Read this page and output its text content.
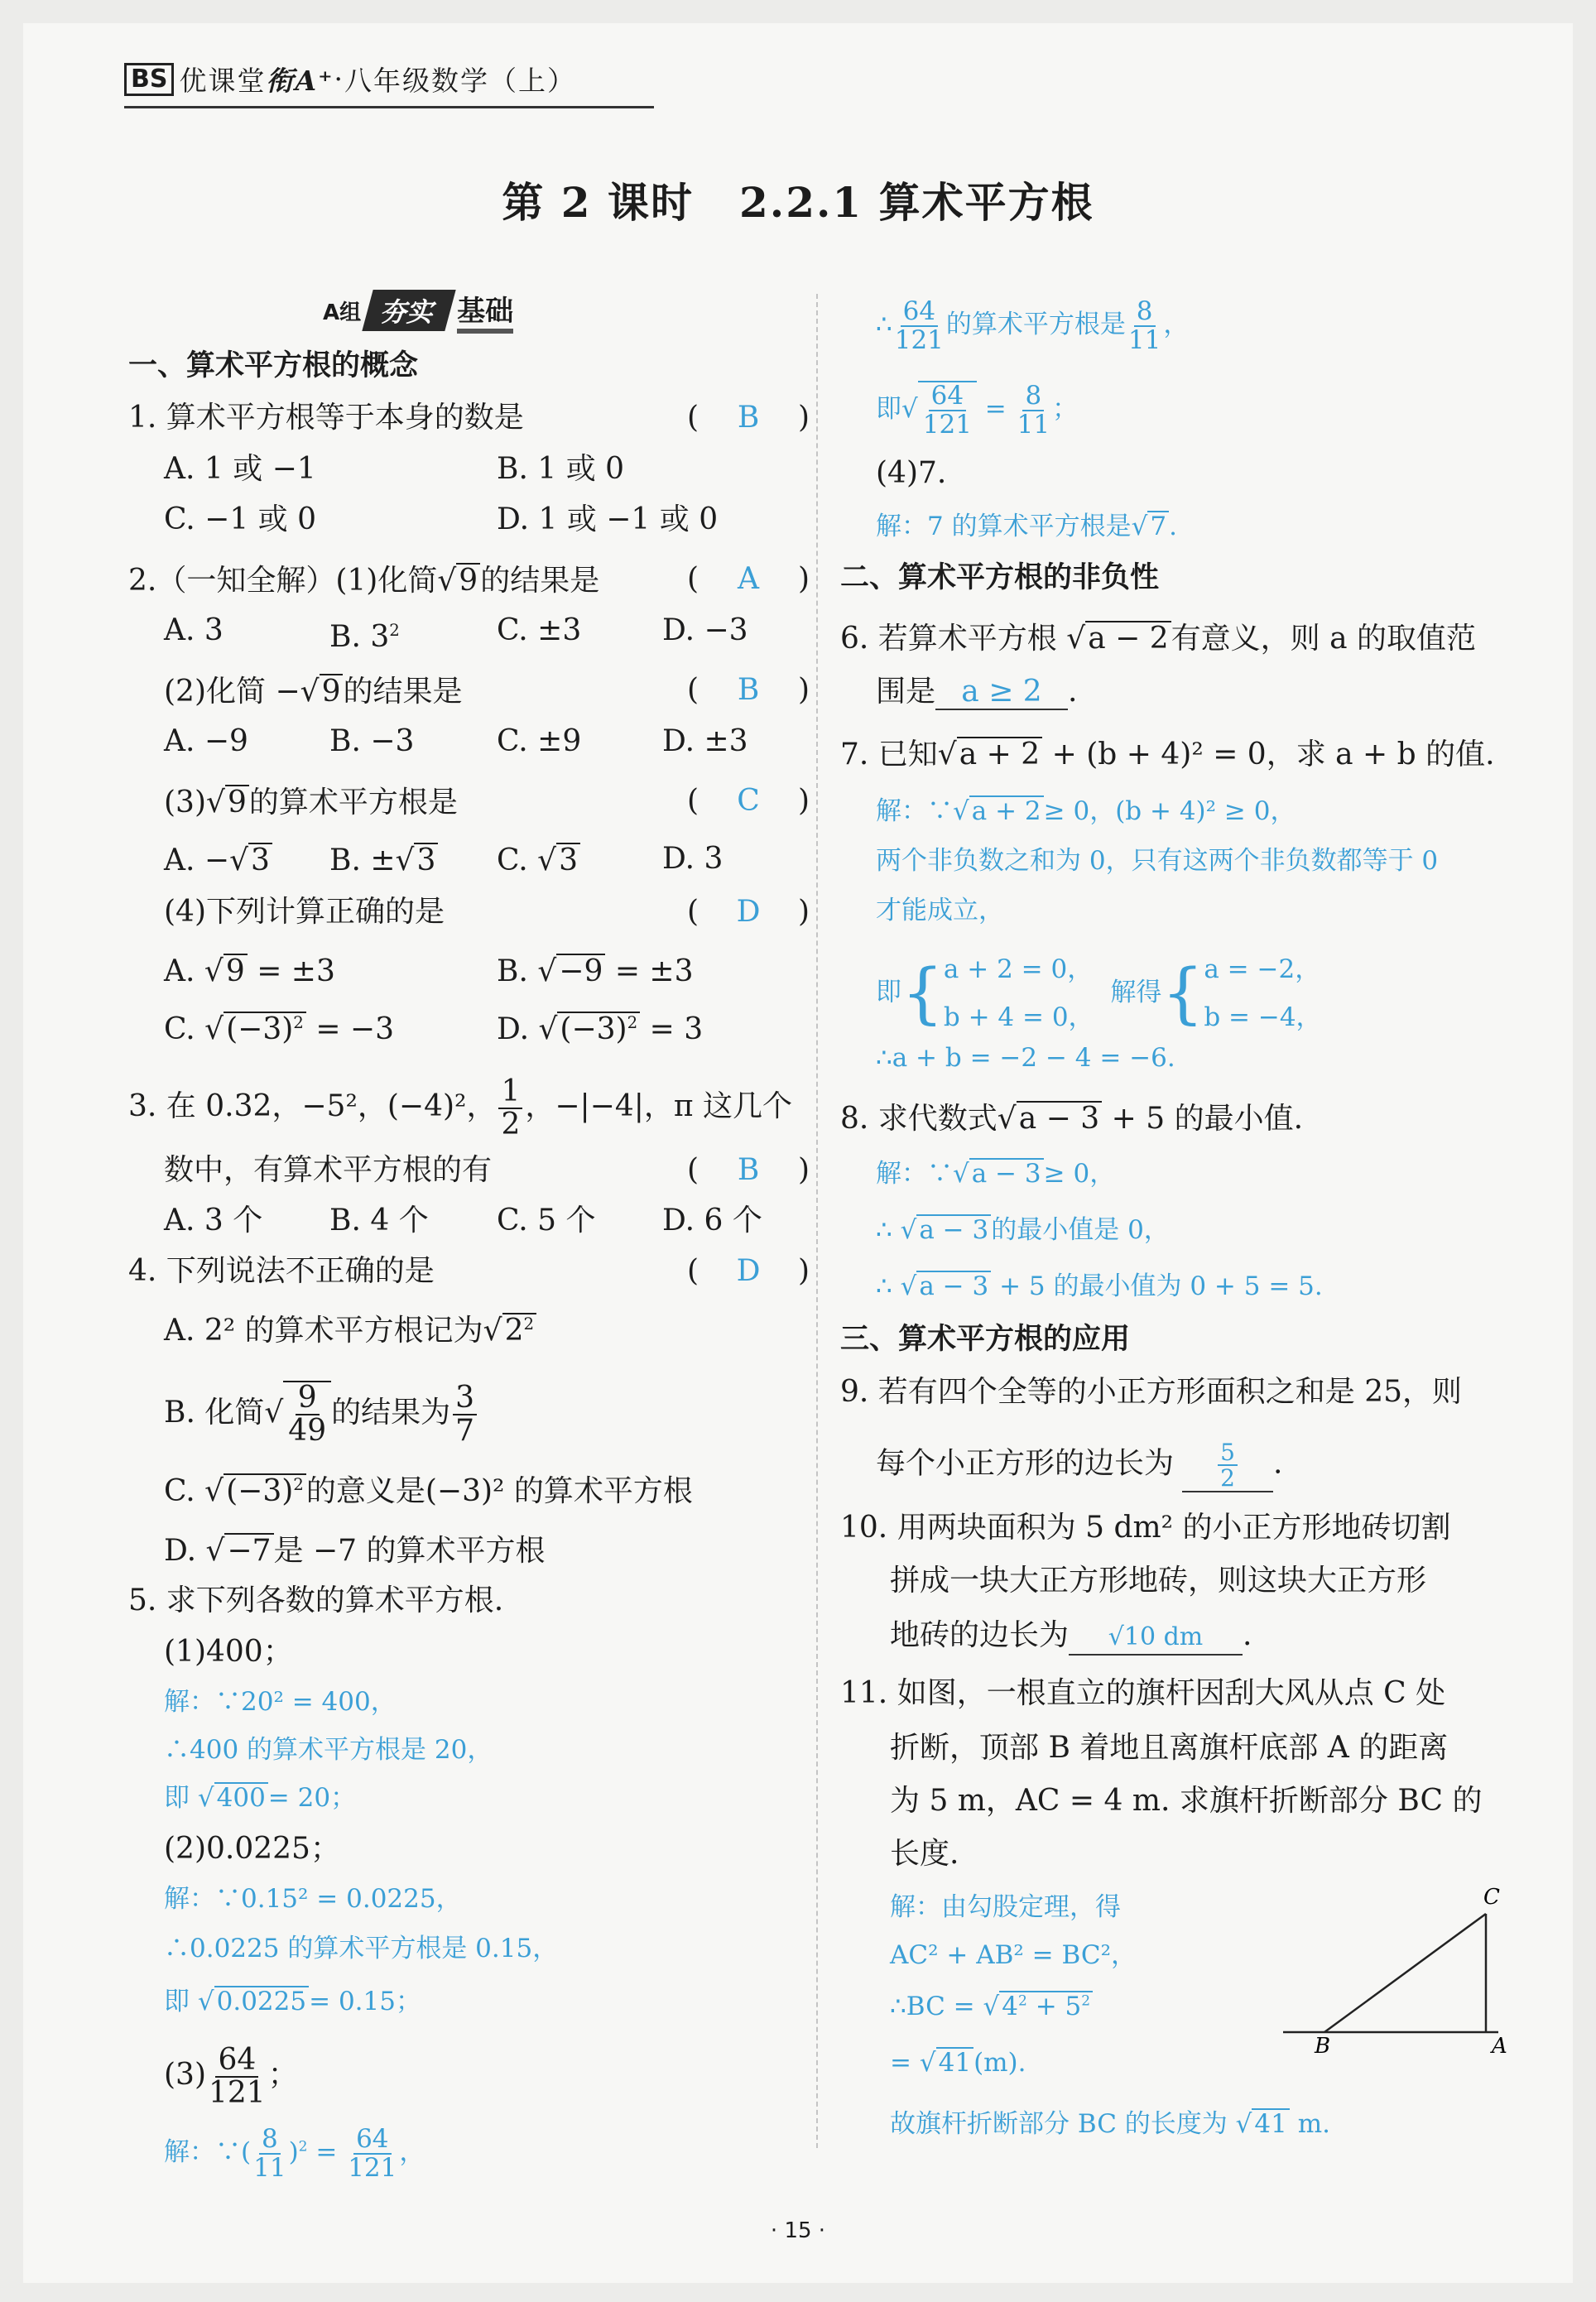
BS 优课堂 衔A⁺ · 八年级数学（上）
第 2 课时 2.2.1 算术平方根
A组 夯实 基础
一、算术平方根的概念
1. 算术平方根等于本身的数是	( B )
A. 1 或 −1	B. 1 或 0
C. −1 或 0	D. 1 或 −1 或 0
2.（一知全解）(1)化简 √ 9的结果是	( A )
A. 3	B. $3^2$	C. ±3	D. −3
(2)化简 − √ 9的结果是	( B )
A. −9	B. −3	C. ±9	D. ±3
(3) √ 9的算术平方根是	( C )
A. − √ 3 B. ± √ 3 C. √ 3	D. 3
(4)下列计算正确的是	( D )
A. √ 9 = ±3	B. √ −9 = ±3
C. √ $(-3)^2 = -3$	D. √ $(-3)^2 = 3$
3. 在 0.32，−5²，(−4)²， $\frac{1}{2}$ ，−|−4|，π 这几个
数中，有算术平方根的有	( B )
A. 3 个 B. 4 个 C. 5 个 D. 6 个
4. 下列说法不正确的是	( D )
A. 2² 的算术平方根记为 √ $2^2$
B. 化简 √ $\frac{9}{49}$ 的结果为 $\frac{3}{7}$
C. √ $(-3)^2$的意义是(−3)² 的算术平方根
D. √ −7是 −7 的算术平方根
5. 求下列各数的算术平方根.
(1)400；
解：∵20² = 400，
∴400 的算术平方根是 20，
即 √ 400= 20；
(2)0.0225；
解：∵0.15² = 0.0225，
∴0.0225 的算术平方根是 0.15，
即 √ 0.0225= 0.15；
$(3) \frac{64}{121}$ ；
解：∵( $\frac{8}{11} )^2 = \frac{64}{121}$ ，
∴ $\frac{64}{121}$ 的算术平方根是 $\frac{8}{11}$ ，
即 √ $\frac{64}{121} = \frac{8}{11}$ ；
(4)7.
解：7 的算术平方根是 √ 7.
二、算术平方根的非负性
6. 若算术平方根 √ a − 2有意义，则 a 的取值范
围是 a ≥ 2 .
7. 已知 √ a + 2 + (b + 4)² = 0，求 a + b 的值.
解：∵ √ a + 2≥ 0，(b + 4)² ≥ 0，
两个非负数之和为 0，只有这两个非负数都等于 0
才能成立，
即{ a + 2 = 0，
b + 4 = 0，
解得{ a = −2，
b = −4，
∴a + b = −2 − 4 = −6.
8. 求代数式 √ a − 3 + 5 的最小值.
解：∵ √ a − 3≥ 0，
∴ √ a − 3的最小值是 0，
∴ √ a − 3 + 5 的最小值为 0 + 5 = 5.
三、算术平方根的应用
9. 若有四个全等的小正方形面积之和是 25，则
每个小正方形的边长为 $\frac{5}{2}$ .
10. 用两块面积为 5 dm² 的小正方形地砖切割
拼成一块大正方形地砖，则这块大正方形
地砖的边长为 √ 10 dm .
11. 如图，一根直立的旗杆因刮大风从点 C 处
折断，顶部 B 着地且离旗杆底部 A 的距离
为 5 m，AC = 4 m. 求旗杆折断部分 BC 的
长度.
解：由勾股定理，得
AC² + AB² = BC²，
∴BC = √ $4^2 + 5^2$
= √ 41(m).
故旗杆折断部分 BC 的长度为 √ 41 m.
C
A
B
· 15 ·
